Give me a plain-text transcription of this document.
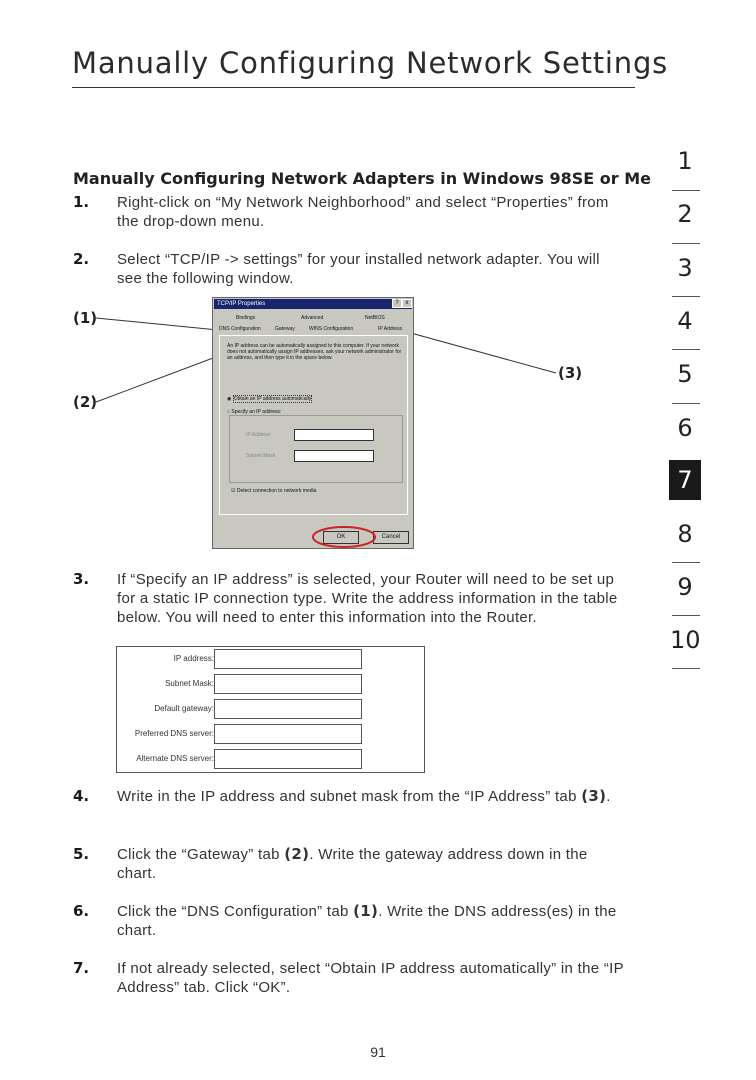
Manually Configuring Network Settings
Manually Configuring Network Adapters in Windows 98SE or Me
1. Right-click on “My Network Neighborhood” and select “Properties” from the drop-down menu.
2. Select “TCP/IP -> settings” for your installed network adapter. You will see the following window.
(1)
(2)
(3)
TCP/IP Properties	?	x
Bindings	Advanced	NetBIOS
DNS Configuration	Gateway	WINS Configuration	IP Address
An IP address can be automatically assigned to this computer. If your network does not automatically assign IP addresses, ask your network administrator for an address, and then type it in the space below.
◉ Obtain an IP address automatically
○ Specify an IP address:
IP Address:
Subnet Mask:
☑ Detect connection to network media
OK	Cancel
3. If “Specify an IP address” is selected, your Router will need to be set up for a static IP connection type. Write the address information in the table below. You will need to enter this information into the Router.
IP address:
Subnet Mask:
Default gateway:
Preferred DNS server:
Alternate DNS server:
4. Write in the IP address and subnet mask from the “IP Address” tab (3).
5. Click the “Gateway” tab (2). Write the gateway address down in the chart.
6. Click the “DNS Configuration” tab (1). Write the DNS address(es) in the chart.
7. If not already selected, select “Obtain IP address automatically” in the “IP Address” tab. Click “OK”.
1
2
3
4
5
6
7
8
9
10
91
